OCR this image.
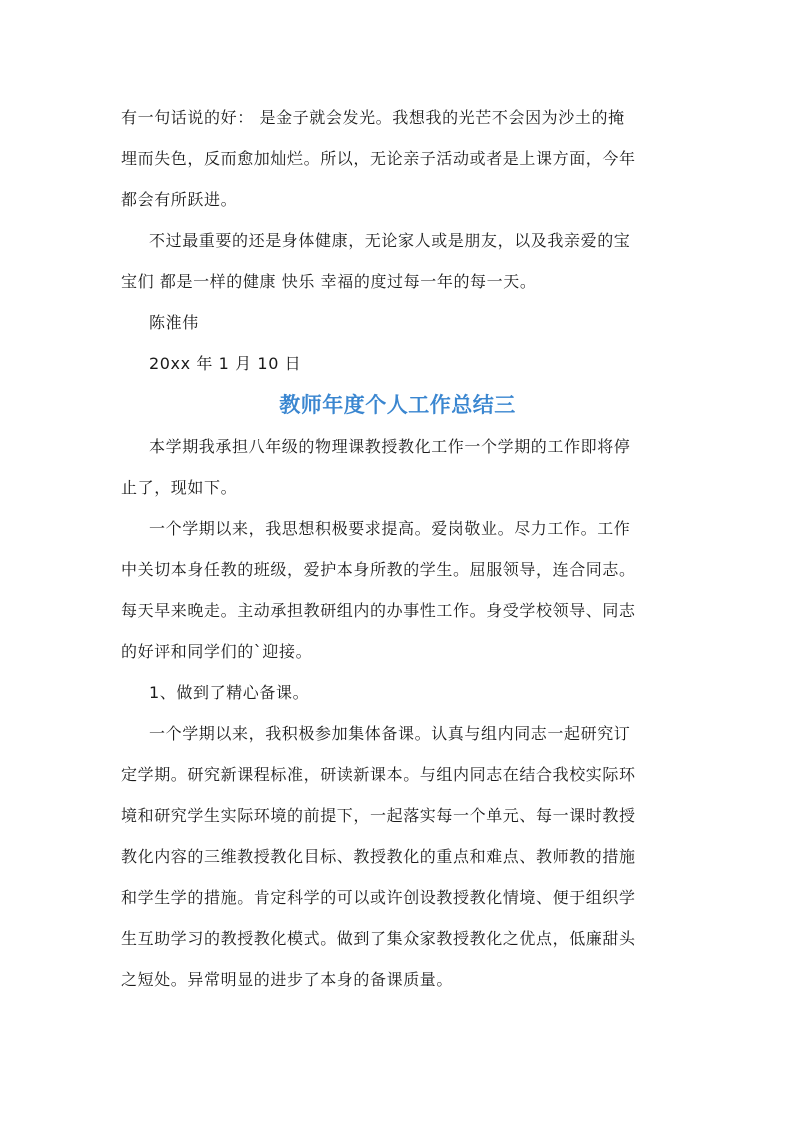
有一句话说的好： 是金子就会发光。我想我的光芒不会因为沙土的掩
埋而失色，反而愈加灿烂。所以，无论亲子活动或者是上课方面，今年
都会有所跃进。

不过最重要的还是身体健康，无论家人或是朋友，以及我亲爱的宝
宝们 都是一样的健康 快乐 幸福的度过每一年的每一天。

陈淮伟

20xx 年 1 月 10 日

教师年度个人工作总结三

本学期我承担八年级的物理课教授教化工作一个学期的工作即将停
止了，现如下。

一个学期以来，我思想积极要求提高。爱岗敬业。尽力工作。工作
中关切本身任教的班级，爱护本身所教的学生。屈服领导，连合同志。
每天早来晚走。主动承担教研组内的办事性工作。身受学校领导、同志
的好评和同学们的`迎接。

1、做到了精心备课。

一个学期以来，我积极参加集体备课。认真与组内同志一起研究订
定学期。研究新课程标准，研读新课本。与组内同志在结合我校实际环
境和研究学生实际环境的前提下，一起落实每一个单元、每一课时教授
教化内容的三维教授教化目标、教授教化的重点和难点、教师教的措施
和学生学的措施。肯定科学的可以或许创设教授教化情境、便于组织学
生互助学习的教授教化模式。做到了集众家教授教化之优点，低廉甜头
之短处。异常明显的进步了本身的备课质量。
